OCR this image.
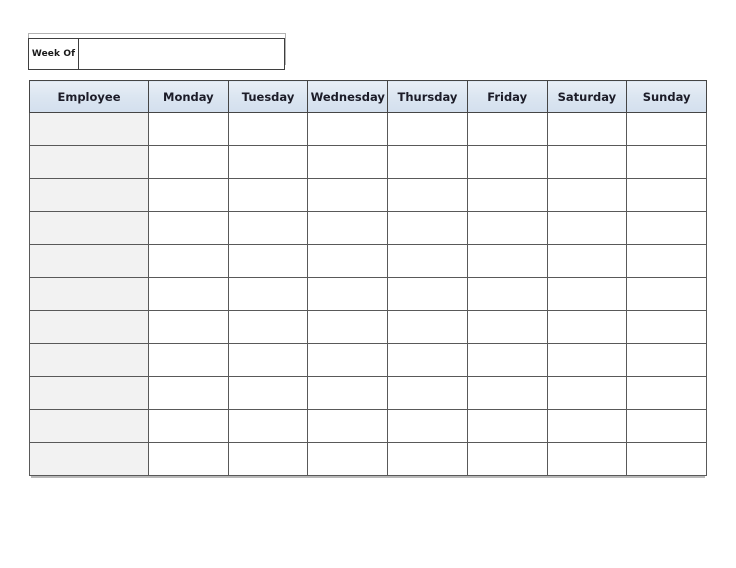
Week Of
Employee	Monday	Tuesday	Wednesday	Thursday	Friday	Saturday	Sunday
